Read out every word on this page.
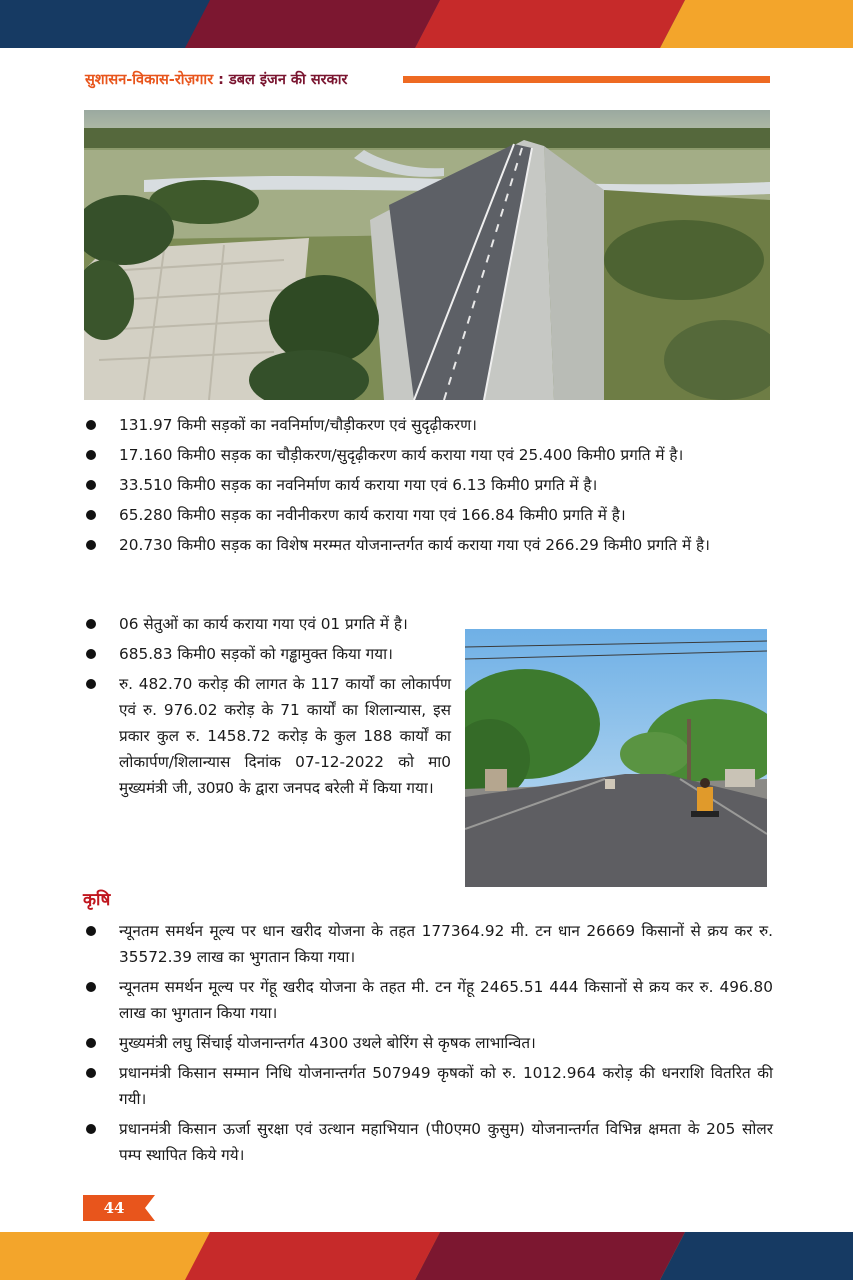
सुशासन-विकास-रोज़गार : डबल इंजन की सरकार
131.97 किमी सड़कों का नवनिर्माण/चौड़ीकरण एवं सुदृढ़ीकरण।
17.160 किमी0 सड़क का चौड़ीकरण/सुदृढ़ीकरण कार्य कराया गया एवं 25.400 किमी0 प्रगति में है।
33.510 किमी0 सड़क का नवनिर्माण कार्य कराया गया एवं 6.13 किमी0 प्रगति में है।
65.280 किमी0 सड़क का नवीनीकरण कार्य कराया गया एवं 166.84 किमी0 प्रगति में है।
20.730 किमी0 सड़क का विशेष मरम्मत योजनान्तर्गत कार्य कराया गया एवं 266.29 किमी0 प्रगति में है।
06 सेतुओं का कार्य कराया गया एवं 01 प्रगति में है।
685.83 किमी0 सड़कों को गड्ढामुक्त किया गया।
रु. 482.70 करोड़ की लागत के 117 कार्यों का लोकार्पण एवं रु. 976.02 करोड़ के 71 कार्यों का शिलान्यास, इस प्रकार कुल रु. 1458.72 करोड़ के कुल 188 कार्यों का लोकार्पण/शिलान्यास दिनांक 07-12-2022 को मा0 मुख्यमंत्री जी, उ0प्र0 के द्वारा जनपद बरेली में किया गया।
कृषि
न्यूनतम समर्थन मूल्य पर धान खरीद योजना के तहत 177364.92 मी. टन धान 26669 किसानों से क्रय कर रु. 35572.39 लाख का भुगतान किया गया।
न्यूनतम समर्थन मूल्य पर गेंहू खरीद योजना के तहत मी. टन गेंहू 2465.51 444 किसानों से क्रय कर रु. 496.80 लाख का भुगतान किया गया।
मुख्यमंत्री लघु सिंचाई योजनान्तर्गत 4300 उथले बोरिंग से कृषक लाभान्वित।
प्रधानमंत्री किसान सम्मान निधि योजनान्तर्गत 507949 कृषकों को रु. 1012.964 करोड़ की धनराशि वितरित की गयी।
प्रधानमंत्री किसान ऊर्जा सुरक्षा एवं उत्थान महाभियान (पी0एम0 कुसुम) योजनान्तर्गत विभिन्न क्षमता के 205 सोलर पम्प स्थापित किये गये।
44
